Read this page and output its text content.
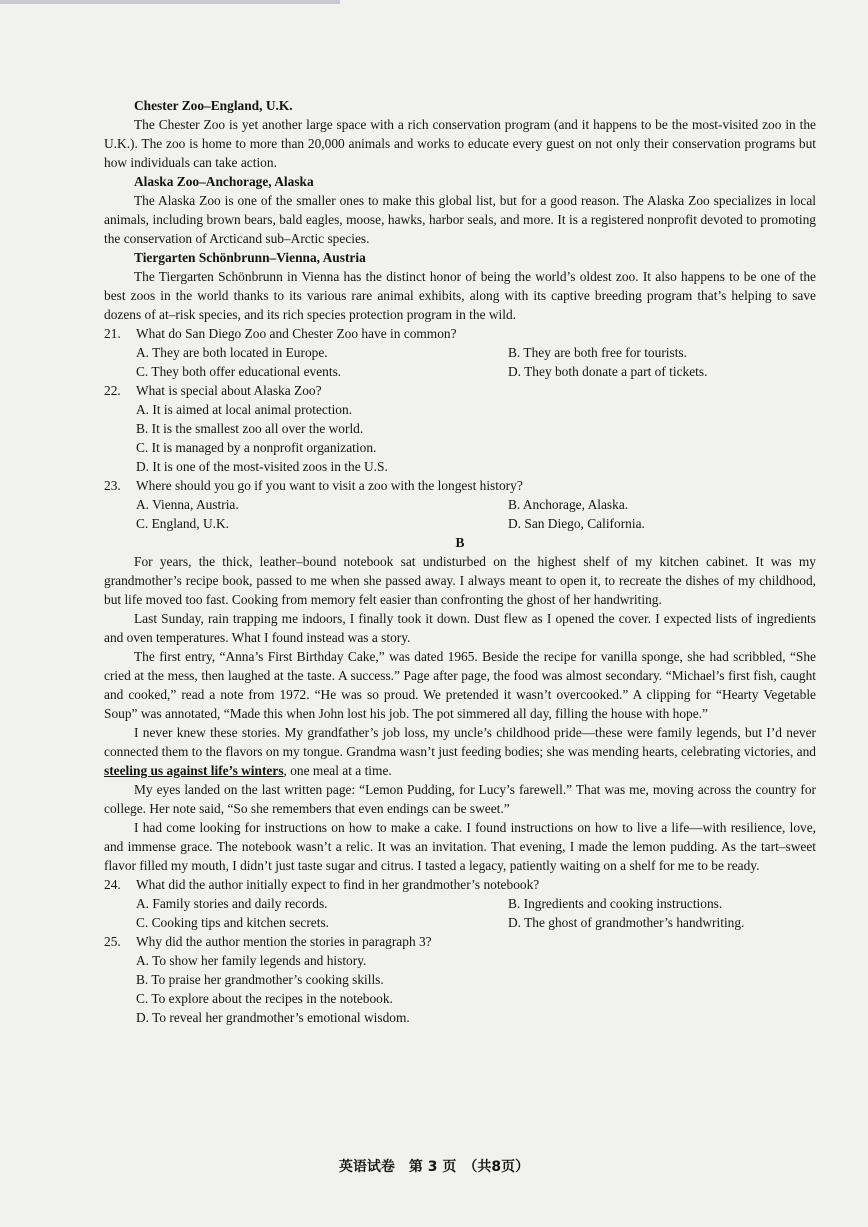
Chester Zoo–England, U.K.
The Chester Zoo is yet another large space with a rich conservation program (and it happens to be the most-visited zoo in the U.K.). The zoo is home to more than 20,000 animals and works to educate every guest on not only their conservation programs but how individuals can take action.
Alaska Zoo–Anchorage, Alaska
The Alaska Zoo is one of the smaller ones to make this global list, but for a good reason. The Alaska Zoo specializes in local animals, including brown bears, bald eagles, moose, hawks, harbor seals, and more. It is a registered nonprofit devoted to promoting the conservation of Arcticand sub–Arctic species.
Tiergarten Schönbrunn–Vienna, Austria
The Tiergarten Schönbrunn in Vienna has the distinct honor of being the world’s oldest zoo. It also happens to be one of the best zoos in the world thanks to its various rare animal exhibits, along with its captive breeding program that’s helping to save dozens of at–risk species, and its rich species protection program in the wild.
21.	What do San Diego Zoo and Chester Zoo have in common?
A. They are both located in Europe.	B. They are both free for tourists.
C. They both offer educational events.	D. They both donate a part of tickets.
22.	What is special about Alaska Zoo?
A. It is aimed at local animal protection.
B. It is the smallest zoo all over the world.
C. It is managed by a nonprofit organization.
D. It is one of the most-visited zoos in the U.S.
23.	Where should you go if you want to visit a zoo with the longest history?
A. Vienna, Austria.	B. Anchorage, Alaska.
C. England, U.K.	D. San Diego, California.
B
For years, the thick, leather–bound notebook sat undisturbed on the highest shelf of my kitchen cabinet. It was my grandmother’s recipe book, passed to me when she passed away. I always meant to open it, to recreate the dishes of my childhood, but life moved too fast. Cooking from memory felt easier than confronting the ghost of her handwriting.
Last Sunday, rain trapping me indoors, I finally took it down. Dust flew as I opened the cover. I expected lists of ingredients and oven temperatures. What I found instead was a story.
The first entry, “Anna’s First Birthday Cake,” was dated 1965. Beside the recipe for vanilla sponge, she had scribbled, “She cried at the mess, then laughed at the taste. A success.” Page after page, the food was almost secondary. “Michael’s first fish, caught and cooked,” read a note from 1972. “He was so proud. We pretended it wasn’t overcooked.” A clipping for “Hearty Vegetable Soup” was annotated, “Made this when John lost his job. The pot simmered all day, filling the house with hope.”
I never knew these stories. My grandfather’s job loss, my uncle’s childhood pride—these were family legends, but I’d never connected them to the flavors on my tongue. Grandma wasn’t just feeding bodies; she was mending hearts, celebrating victories, and steeling us against life’s winters, one meal at a time.
My eyes landed on the last written page: “Lemon Pudding, for Lucy’s farewell.” That was me, moving across the country for college. Her note said, “So she remembers that even endings can be sweet.”
I had come looking for instructions on how to make a cake. I found instructions on how to live a life—with resilience, love, and immense grace. The notebook wasn’t a relic. It was an invitation. That evening, I made the lemon pudding. As the tart–sweet flavor filled my mouth, I didn’t just taste sugar and citrus. I tasted a legacy, patiently waiting on a shelf for me to be ready.
24.	What did the author initially expect to find in her grandmother’s notebook?
A. Family stories and daily records.	B. Ingredients and cooking instructions.
C. Cooking tips and kitchen secrets.	D. The ghost of grandmother’s handwriting.
25.	Why did the author mention the stories in paragraph 3?
A. To show her family legends and history.
B. To praise her grandmother’s cooking skills.
C. To explore about the recipes in the notebook.
D. To reveal her grandmother’s emotional wisdom.
英语试卷　第 3 页　（共8页）
